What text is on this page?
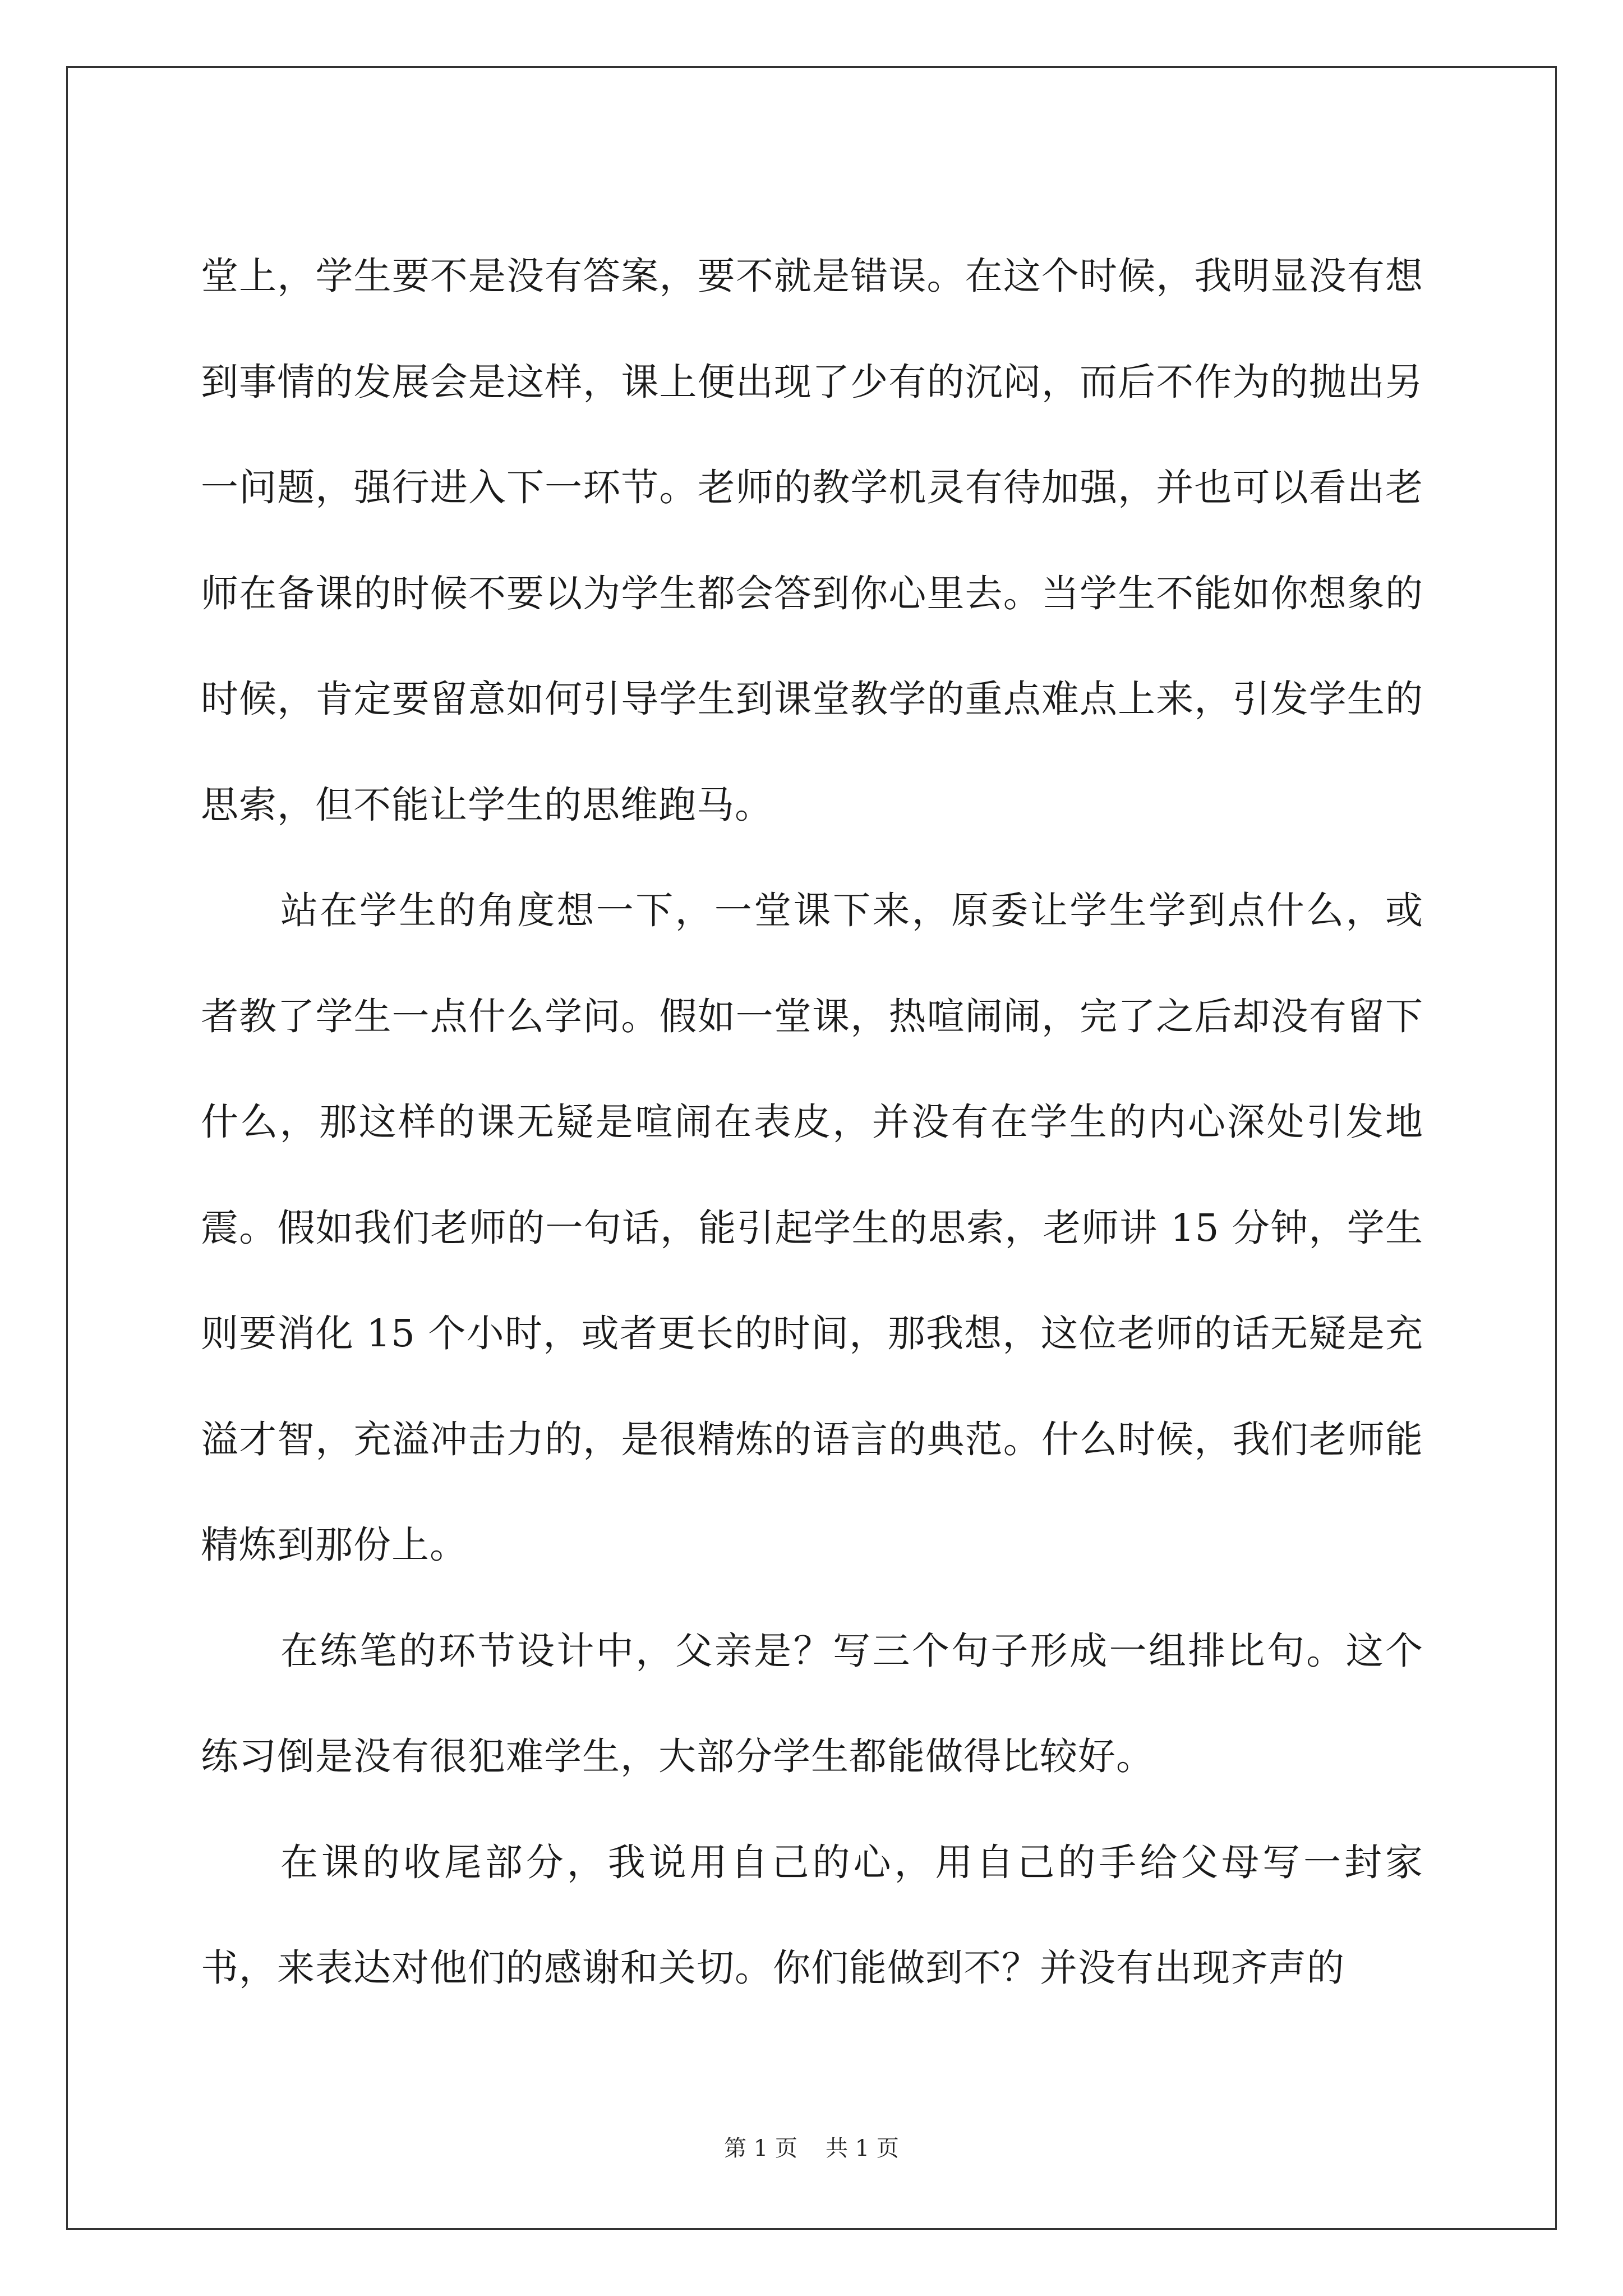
堂上，学生要不是没有答案，要不就是错误。在这个时候，我明显没有想到事情的发展会是这样，课上便出现了少有的沉闷，而后不作为的抛出另一问题，强行进入下一环节。老师的教学机灵有待加强，并也可以看出老师在备课的时候不要以为学生都会答到你心里去。当学生不能如你想象的时候，肯定要留意如何引导学生到课堂教学的重点难点上来，引发学生的思索，但不能让学生的思维跑马。

站在学生的角度想一下，一堂课下来，原委让学生学到点什么，或者教了学生一点什么学问。假如一堂课，热喧闹闹，完了之后却没有留下什么，那这样的课无疑是喧闹在表皮，并没有在学生的内心深处引发地震。假如我们老师的一句话，能引起学生的思索，老师讲 15 分钟，学生则要消化 15 个小时，或者更长的时间，那我想，这位老师的话无疑是充溢才智，充溢冲击力的，是很精炼的语言的典范。什么时候，我们老师能精炼到那份上。

在练笔的环节设计中，父亲是？写三个句子形成一组排比句。这个练习倒是没有很犯难学生，大部分学生都能做得比较好。

在课的收尾部分，我说用自己的心，用自己的手给父母写一封家书，来表达对他们的感谢和关切。你们能做到不？并没有出现齐声的

第 1 页 共 1 页
